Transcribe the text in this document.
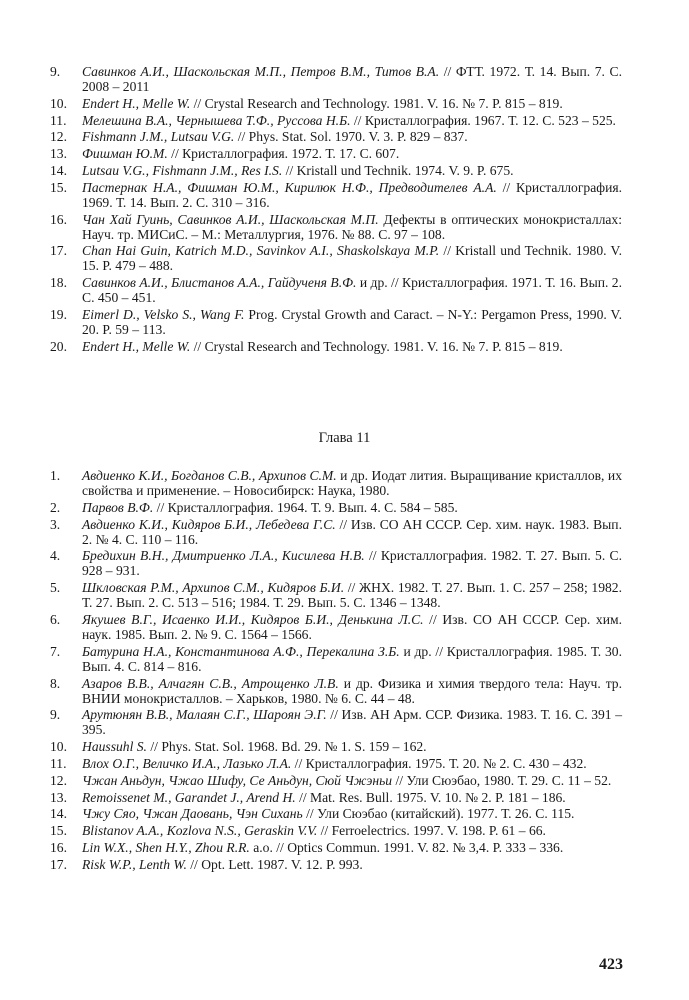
9.	Савинков А.И., Шаскольская М.П., Петров В.М., Титов В.А. // ФТТ. 1972. Т. 14. Вып. 7. С. 2008 – 2011
10. Endert H., Melle W. // Crystal Research and Technology. 1981. V. 16. № 7. P. 815 – 819.
11. Мелешина В.А., Чернышева Т.Ф., Руссова Н.Б. // Кристаллография. 1967. Т. 12. С. 523 – 525.
12. Fishmann J.M., Lutsau V.G. // Phys. Stat. Sol. 1970. V. 3. P. 829 – 837.
13. Фишман Ю.М. // Кристаллография. 1972. Т. 17. С. 607.
14. Lutsau V.G., Fishmann J.M., Res I.S. // Kristall und Technik. 1974. V. 9. P. 675.
15. Пастернак Н.А., Фишман Ю.М., Кирилюк Н.Ф., Предводителев А.А. // Кристаллография. 1969. Т. 14. Вып. 2. С. 310 – 316.
16. Чан Хай Гуинь, Савинков А.И., Шаскольская М.П. Дефекты в оптических монокристаллах: Науч. тр. МИСиС. – М.: Металлургия, 1976. № 88. С. 97 – 108.
17. Chan Hai Guin, Katrich M.D., Savinkov A.I., Shaskolskaya M.P. // Kristall und Technik. 1980. V. 15. P. 479 – 488.
18. Савинков А.И., Блистанов А.А., Гайдученя В.Ф. и др. // Кристаллография. 1971. Т. 16. Вып. 2. С. 450 – 451.
19. Eimerl D., Velsko S., Wang F. Prog. Crystal Growth and Caract. – N-Y.: Pergamon Press, 1990. V. 20. P. 59 – 113.
20. Endert H., Melle W. // Crystal Research and Technology. 1981. V. 16. № 7. P. 815 – 819.
Глава 11
1.	Авдиенко К.И., Богданов С.В., Архипов С.М. и др. Иодат лития. Выращивание кристаллов, их свойства и применение. – Новосибирск: Наука, 1980.
2.	Парвов В.Ф. // Кристаллография. 1964. Т. 9. Вып. 4. С. 584 – 585.
3.	Авдиенко К.И., Кидяров Б.И., Лебедева Г.С. // Изв. СО АН СССР. Сер. хим. наук. 1983. Вып. 2. № 4. С. 110 – 116.
4.	Бредихин В.Н., Дмитриенко Л.А., Кисилева Н.В. // Кристаллография. 1982. Т. 27. Вып. 5. С. 928 – 931.
5.	Шкловская Р.М., Архипов С.М., Кидяров Б.И. // ЖНХ. 1982. Т. 27. Вып. 1. С. 257 – 258; 1982. Т. 27. Вып. 2. С. 513 – 516; 1984. Т. 29. Вып. 5. С. 1346 – 1348.
6.	Якушев В.Г., Исаенко И.И., Кидяров Б.И., Денькина Л.С. // Изв. СО АН СССР. Сер. хим. наук. 1985. Вып. 2. № 9. С. 1564 – 1566.
7.	Батурина Н.А., Константинова А.Ф., Перекалина З.Б. и др. // Кристаллография. 1985. Т. 30. Вып. 4. С. 814 – 816.
8.	Азаров В.В., Алчагян С.В., Атрощенко Л.В. и др. Физика и химия твердого тела: Науч. тр. ВНИИ монокристаллов. – Харьков, 1980. № 6. С. 44 – 48.
9.	Арутюнян В.В., Малаян С.Г., Шароян Э.Г. // Изв. АН Арм. ССР. Физика. 1983. Т. 16. С. 391 – 395.
10. Haussuhl S. // Phys. Stat. Sol. 1968. Bd. 29. № 1. S. 159 – 162.
11. Влох О.Г., Величко И.А., Лазько Л.А. // Кристаллография. 1975. Т. 20. № 2. С. 430 – 432.
12. Чжан Аньдун, Чжао Шифу, Се Аньдун, Сюй Чжэньи // Ули Сюэбао, 1980. Т. 29. С. 11 – 52.
13. Remoissenet M., Garandet J., Arend H. // Mat. Res. Bull. 1975. V. 10. № 2. P. 181 – 186.
14. Чжу Сяо, Чжан Даовань, Чэн Сихань // Ули Сюэбао (китайский). 1977. Т. 26. С. 115.
15. Blistanov A.A., Kozlova N.S., Geraskin V.V. // Ferroelectrics. 1997. V. 198. P. 61 – 66.
16. Lin W.X., Shen H.Y., Zhou R.R. a.o. // Optics Commun. 1991. V. 82. № 3,4. P. 333 – 336.
17. Risk W.P., Lenth W. // Opt. Lett. 1987. V. 12. P. 993.
423
